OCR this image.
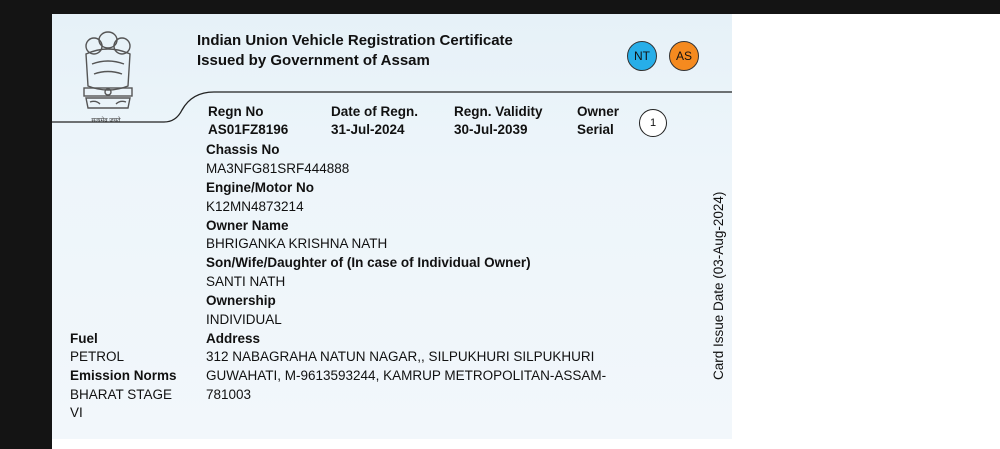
सत्यमेव जयते
Indian Union Vehicle Registration Certificate
Issued by Government of Assam	NT	AS
Regn No
AS01FZ8196
Date of Regn.
31-Jul-2024
Regn. Validity
30-Jul-2039
Owner
Serial	1
Chassis No
MA3NFG81SRF444888
Engine/Motor No
K12MN4873214
Owner Name
BHRIGANKA KRISHNA NATH
Son/Wife/Daughter of (In case of Individual Owner)
SANTI NATH
Ownership
INDIVIDUAL
Address
312 NABAGRAHA NATUN NAGAR,, SILPUKHURI SILPUKHURI
GUWAHATI, M-9613593244, KAMRUP METROPOLITAN-ASSAM-
781003
Fuel
PETROL
Emission Norms
BHARAT STAGE
VI
Card Issue Date (03-Aug-2024)
